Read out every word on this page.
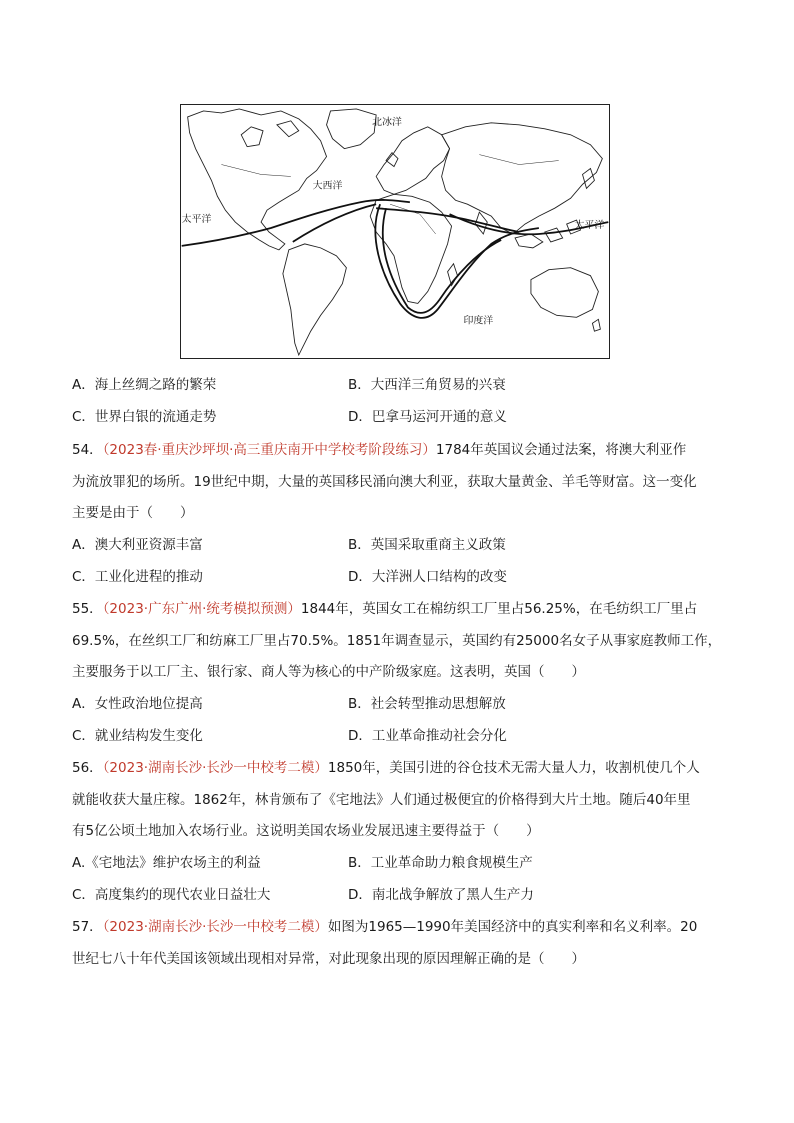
北冰洋
大西洋
太平洋
太平洋
印度洋
A．海上丝绸之路的繁荣	B．大西洋三角贸易的兴衰
C．世界白银的流通走势	D．巴拿马运河开通的意义
54．（2023春·重庆沙坪坝·高三重庆南开中学校考阶段练习）1784年英国议会通过法案，将澳大利亚作
为流放罪犯的场所。19世纪中期，大量的英国移民涌向澳大利亚，获取大量黄金、羊毛等财富。这一变化
主要是由于（　　）
A．澳大利亚资源丰富	B．英国采取重商主义政策
C．工业化进程的推动	D．大洋洲人口结构的改变
55．（2023·广东广州·统考模拟预测）1844年，英国女工在棉纺织工厂里占56.25%，在毛纺织工厂里占
69.5%，在丝织工厂和纺麻工厂里占70.5%。1851年调查显示，英国约有25000名女子从事家庭教师工作，
主要服务于以工厂主、银行家、商人等为核心的中产阶级家庭。这表明，英国（　　）
A．女性政治地位提高	B．社会转型推动思想解放
C．就业结构发生变化	D．工业革命推动社会分化
56．（2023·湖南长沙·长沙一中校考二模）1850年，美国引进的谷仓技术无需大量人力，收割机使几个人
就能收获大量庄稼。1862年，林肯颁布了《宅地法》人们通过极便宜的价格得到大片土地。随后40年里
有5亿公顷土地加入农场行业。这说明美国农场业发展迅速主要得益于（　　）
A.《宅地法》维护农场主的利益	B．工业革命助力粮食规模生产
C．高度集约的现代农业日益壮大	D．南北战争解放了黑人生产力
57．（2023·湖南长沙·长沙一中校考二模）如图为1965—1990年美国经济中的真实利率和名义利率。20
世纪七八十年代美国该领域出现相对异常，对此现象出现的原因理解正确的是（　　）
